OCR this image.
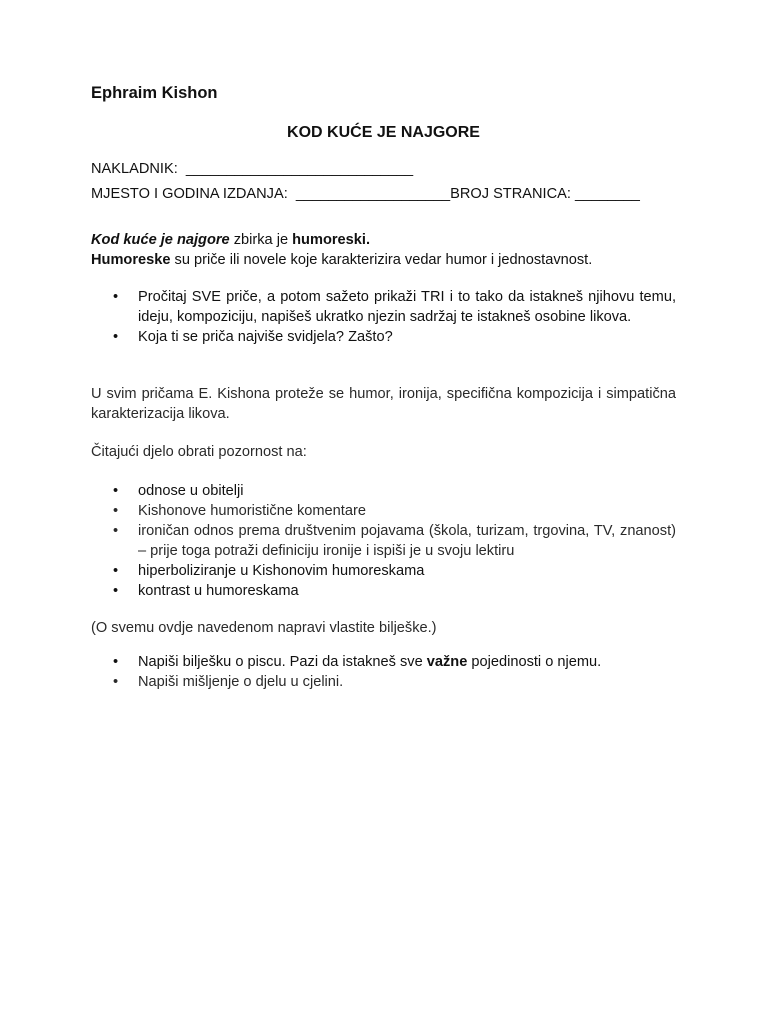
Ephraim Kishon
KOD KUĆE JE NAJGORE
NAKLADNIK:  ____________________________
MJESTO I GODINA IZDANJA:  ___________________BROJ STRANICA: ________
Kod kuće je najgore zbirka je humoreski.
Humoreske su priče ili novele koje karakterizira vedar humor i jednostavnost.
• Pročitaj SVE priče, a potom sažeto prikaži TRI i to tako da istakneš njihovu temu, ideju, kompoziciju, napišeš ukratko njezin sadržaj te istakneš osobine likova.
• Koja ti se priča najviše svidjela? Zašto?
U svim pričama E. Kishona proteže se humor, ironija, specifična kompozicija i simpatična karakterizacija likova.
Čitajući djelo obrati pozornost na:
• odnose u obitelji
• Kishonove humoristične komentare
• ironičan odnos prema društvenim pojavama (škola, turizam, trgovina, TV, znanost) – prije toga potraži definiciju ironije i ispiši je u svoju lektiru
• hiperboliziranje u Kishonovim humoreskama
• kontrast u humoreskama
(O svemu ovdje navedenom napravi vlastite bilješke.)
• Napiši bilješku o piscu. Pazi da istakneš sve važne pojedinosti o njemu.
• Napiši mišljenje o djelu u cjelini.
